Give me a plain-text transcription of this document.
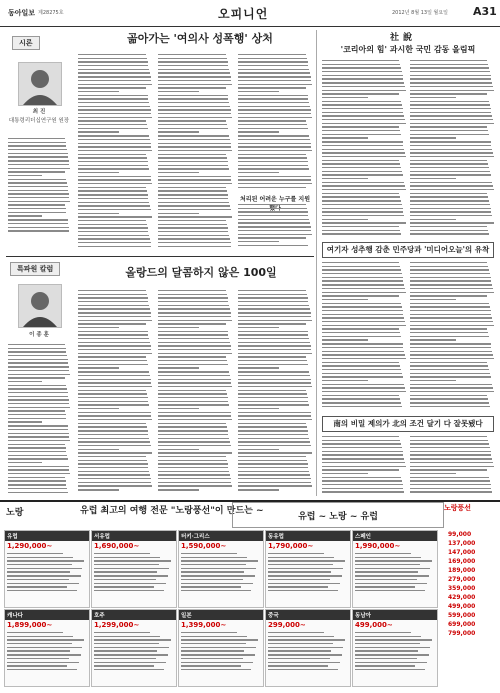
동아일보 제28275호	오피니언	2012년 8월 13일 월요일 A31
시론
최 진
대통령리더십연구원 원장
곪아가는 '여의사 성폭행' 상처
처리된 어려운 누구를 지원
특파원 칼럼
이 종 훈
올랑드의 달콤하지 않은 100일
社說
'코리아의 힘' 과시한 국민 감동 올림픽
여기자 성추행 감춘 민주당과 '미디어오늘'의 유착
南의 비밀 제의가 北의 조건 달기 다 잘못됐다
노랑	유럽 최고의 여행 전문 "노랑풍선"이 만드는 ~
유럽 ~ 노랑 ~ 유럽
노랑풍선
유럽
1,290,000~
서유럽
1,690,000~
터키·그리스
1,590,000~
동유럽
1,790,000~
스페인
1,990,000~
캐나다
1,899,000~
호주
1,299,000~
일본
1,399,000~
중국
299,000~
동남아
499,000~
99,000
137,000
147,000
169,000
189,000
279,000
359,000
429,000
499,000
599,000
699,000
799,000
